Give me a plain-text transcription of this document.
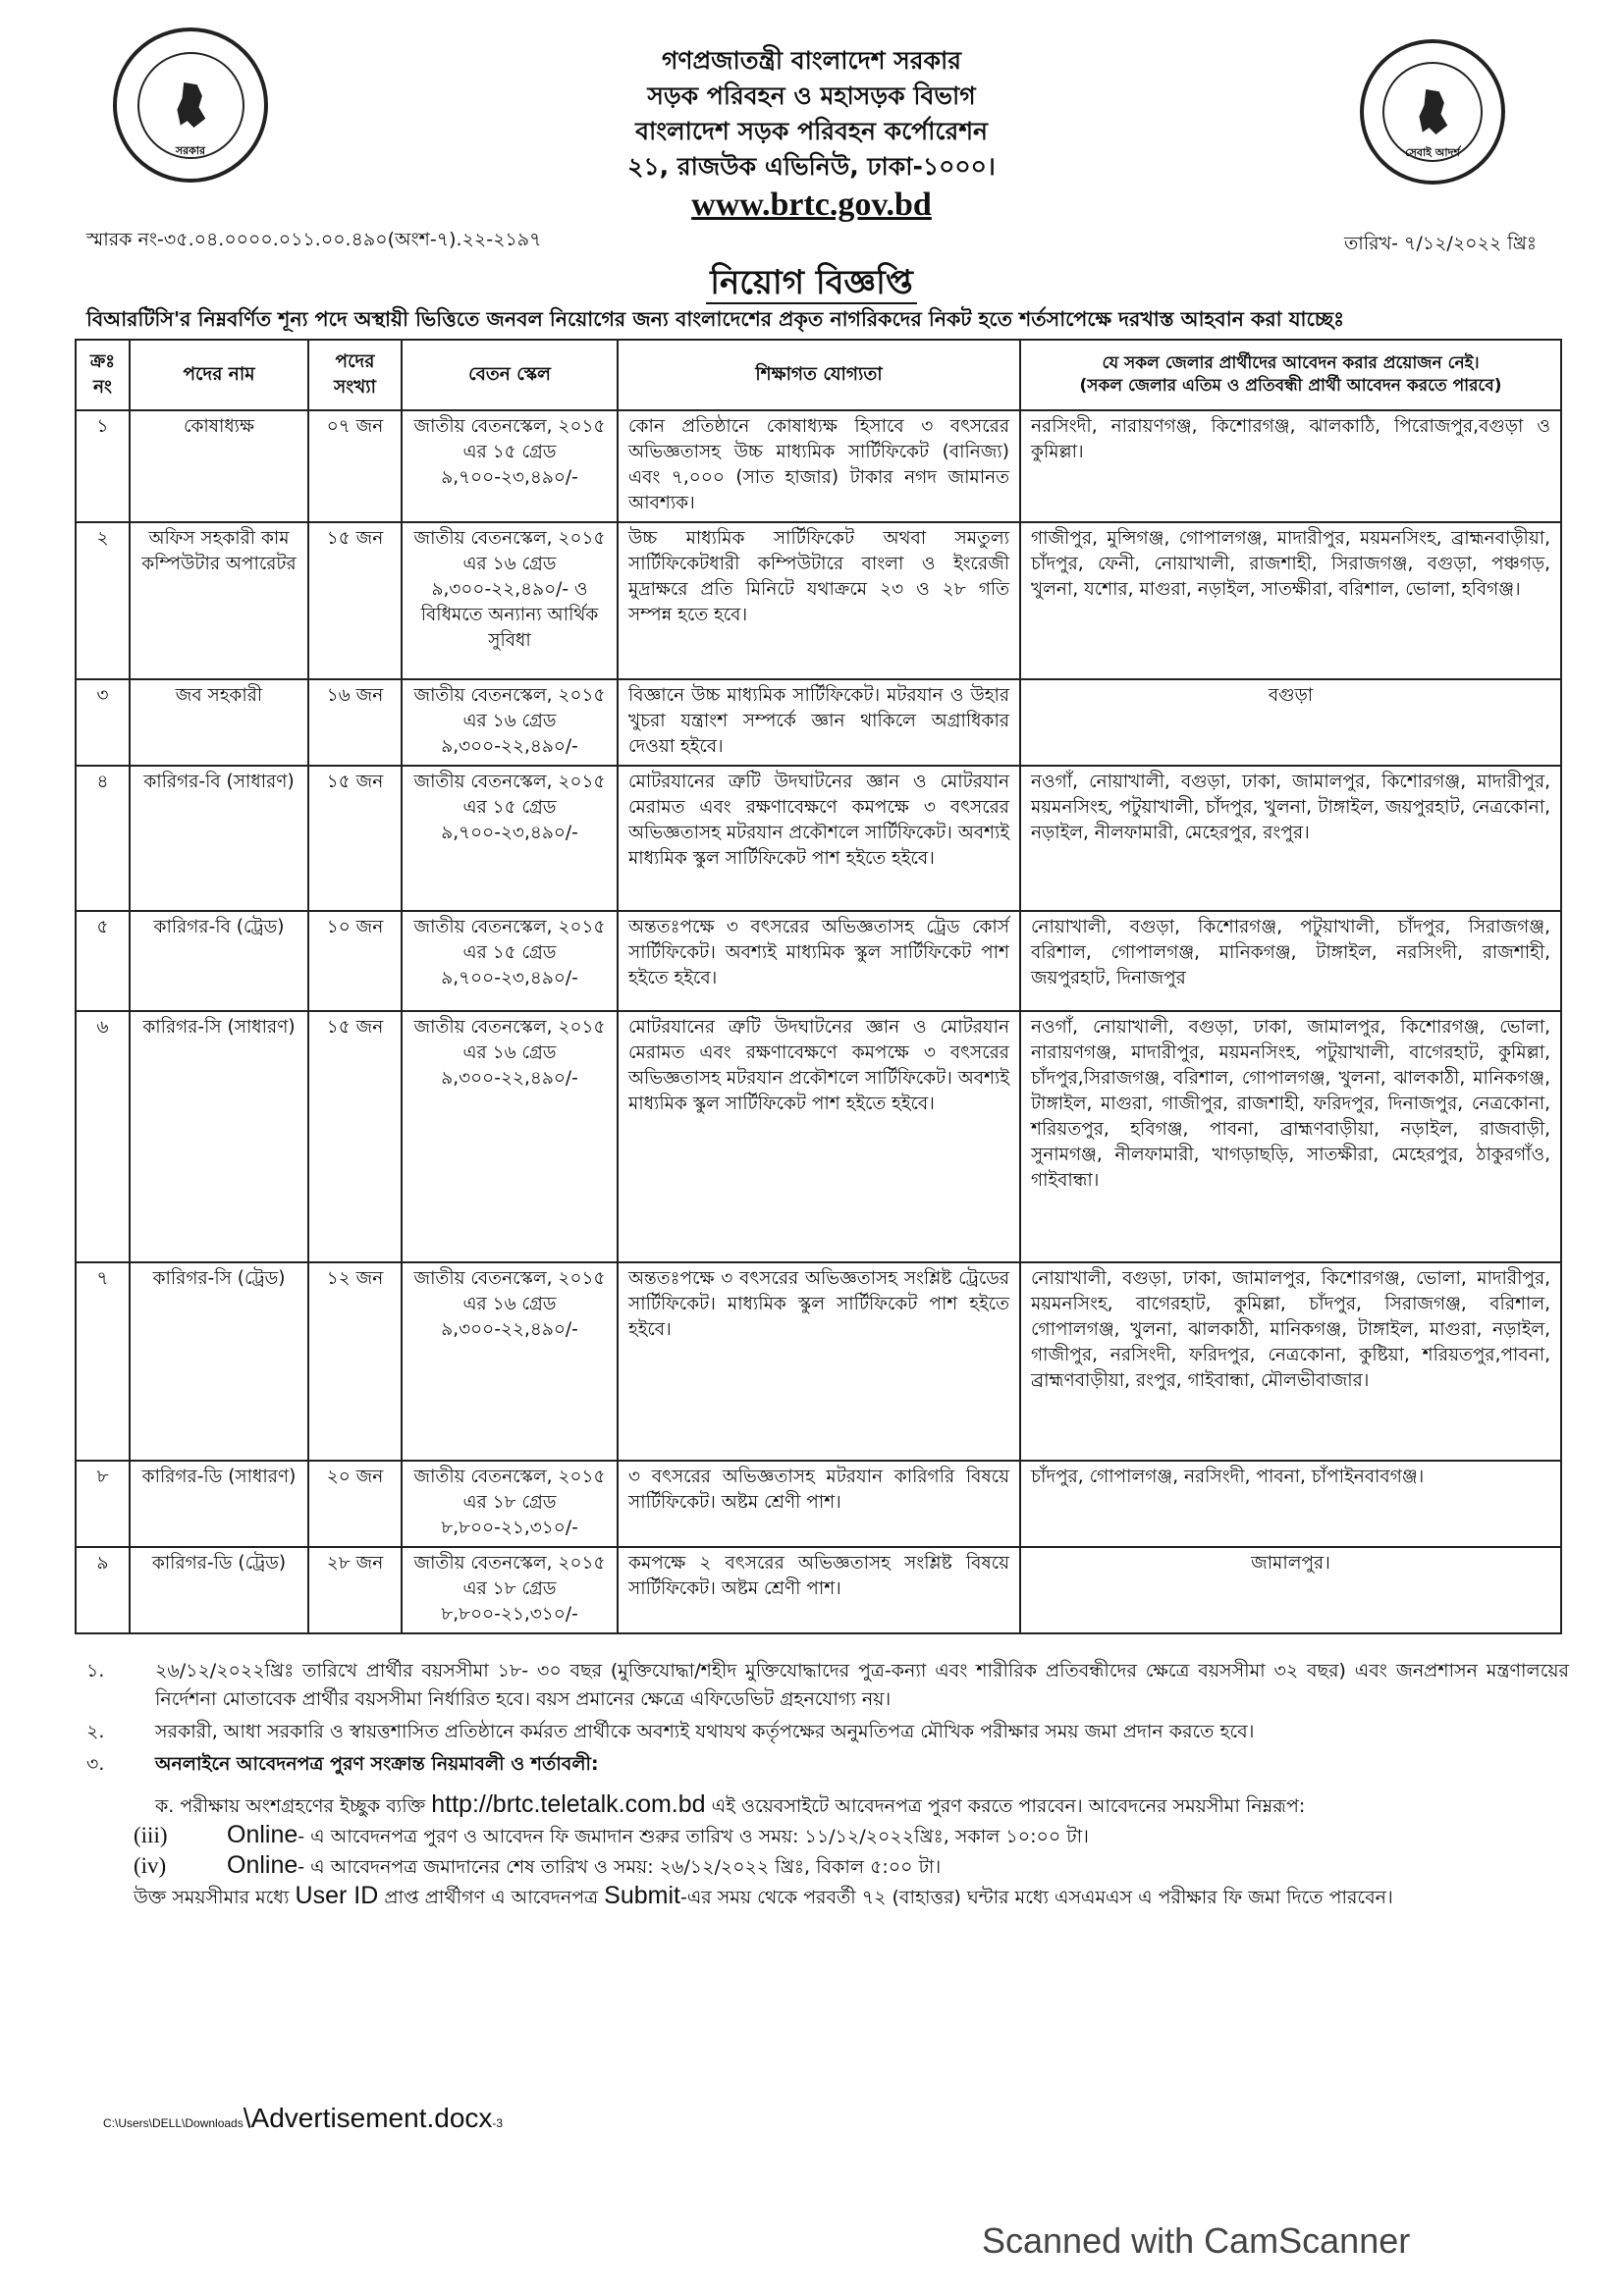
সরকার	সেবাই আদর্শ
গণপ্রজাতন্ত্রী বাংলাদেশ সরকার
সড়ক পরিবহন ও মহাসড়ক বিভাগ
বাংলাদেশ সড়ক পরিবহন কর্পোরেশন
২১, রাজউক এভিনিউ, ঢাকা-১০০০।
www.brtc.gov.bd
স্মারক নং-৩৫.০৪.০০০০.০১১.০০.৪৯০(অংশ-৭).২২-২১৯৭	তারিখ- ৭/১২/২০২২ খ্রিঃ
নিয়োগ বিজ্ঞপ্তি
বিআরটিসি'র নিম্নবর্ণিত শূন্য পদে অস্থায়ী ভিত্তিতে জনবল নিয়োগের জন্য বাংলাদেশের প্রকৃত নাগরিকদের নিকট হতে শর্তসাপেক্ষে দরখাস্ত আহবান করা যাচ্ছেঃ
ক্রঃ নং	পদের নাম	পদের সংখ্যা	বেতন স্কেল	শিক্ষাগত যোগ্যতা	যে সকল জেলার প্রার্থীদের আবেদন করার প্রয়োজন নেই।
(সকল জেলার এতিম ও প্রতিবন্ধী প্রার্থী আবেদন করতে পারবে)

১	কোষাধ্যক্ষ	০৭ জন	জাতীয় বেতনস্কেল, ২০১৫ এর ১৫ গ্রেড ৯,৭০০-২৩,৪৯০/-	কোন প্রতিষ্ঠানে কোষাধ্যক্ষ হিসাবে ৩ বৎসরের অভিজ্ঞতাসহ উচ্চ মাধ্যমিক সার্টিফিকেট (বানিজ্য) এবং ৭,০০০ (সাত হাজার) টাকার নগদ জামানত আবশ্যক।	নরসিংদী, নারায়ণগঞ্জ, কিশোরগঞ্জ, ঝালকাঠি, পিরোজপুর,বগুড়া ও কুমিল্লা।
২	অফিস সহকারী কাম কম্পিউটার অপারেটর	১৫ জন	জাতীয় বেতনস্কেল, ২০১৫ এর ১৬ গ্রেড ৯,৩০০-২২,৪৯০/- ও বিধিমতে অন্যান্য আর্থিক সুবিধা	উচ্চ মাধ্যমিক সার্টিফিকেট অথবা সমতুল্য সার্টিফিকেটধারী কম্পিউটারে বাংলা ও ইংরেজী মুদ্রাক্ষরে প্রতি মিনিটে যথাক্রমে ২৩ ও ২৮ গতি সম্পন্ন হতে হবে।	গাজীপুর, মুন্সিগঞ্জ, গোপালগঞ্জ, মাদারীপুর, ময়মনসিংহ, ব্রাহ্মনবাড়ীয়া, চাঁদপুর, ফেনী, নোয়াখালী, রাজশাহী, সিরাজগঞ্জ, বগুড়া, পঞ্চগড়, খুলনা, যশোর, মাগুরা, নড়াইল, সাতক্ষীরা, বরিশাল, ভোলা, হবিগঞ্জ।
৩	জব সহকারী	১৬ জন	জাতীয় বেতনস্কেল, ২০১৫ এর ১৬ গ্রেড ৯,৩০০-২২,৪৯০/-	বিজ্ঞানে উচ্চ মাধ্যমিক সার্টিফিকেট। মটরযান ও উহার খুচরা যন্ত্রাংশ সম্পর্কে জ্ঞান থাকিলে অগ্রাধিকার দেওয়া হইবে।	বগুড়া
৪	কারিগর-বি (সাধারণ)	১৫ জন	জাতীয় বেতনস্কেল, ২০১৫ এর ১৫ গ্রেড ৯,৭০০-২৩,৪৯০/-	মোটরযানের ত্রুটি উদঘাটনের জ্ঞান ও মোটরযান মেরামত এবং রক্ষণাবেক্ষণে কমপক্ষে ৩ বৎসরের অভিজ্ঞতাসহ মটরযান প্রকৌশলে সার্টিফিকেট। অবশ্যই মাধ্যমিক স্কুল সার্টিফিকেট পাশ হইতে হইবে।	নওগাঁ, নোয়াখালী, বগুড়া, ঢাকা, জামালপুর, কিশোরগঞ্জ, মাদারীপুর, ময়মনসিংহ, পটুয়াখালী, চাঁদপুর, খুলনা, টাঙ্গাইল, জয়পুরহাট, নেত্রকোনা, নড়াইল, নীলফামারী, মেহেরপুর, রংপুর।
৫	কারিগর-বি (ট্রেড)	১০ জন	জাতীয় বেতনস্কেল, ২০১৫ এর ১৫ গ্রেড ৯,৭০০-২৩,৪৯০/-	অন্ততঃপক্ষে ৩ বৎসরের অভিজ্ঞতাসহ ট্রেড কোর্স সার্টিফিকেট। অবশ্যই মাধ্যমিক স্কুল সার্টিফিকেট পাশ হইতে হইবে।	নোয়াখালী, বগুড়া, কিশোরগঞ্জ, পটুয়াখালী, চাঁদপুর, সিরাজগঞ্জ, বরিশাল, গোপালগঞ্জ, মানিকগঞ্জ, টাঙ্গাইল, নরসিংদী, রাজশাহী, জয়পুরহাট, দিনাজপুর
৬	কারিগর-সি (সাধারণ)	১৫ জন	জাতীয় বেতনস্কেল, ২০১৫ এর ১৬ গ্রেড ৯,৩০০-২২,৪৯০/-	মোটরযানের ত্রুটি উদঘাটনের জ্ঞান ও মোটরযান মেরামত এবং রক্ষণাবেক্ষণে কমপক্ষে ৩ বৎসরের অভিজ্ঞতাসহ মটরযান প্রকৌশলে সার্টিফিকেট। অবশ্যই মাধ্যমিক স্কুল সার্টিফিকেট পাশ হইতে হইবে।	নওগাঁ, নোয়াখালী, বগুড়া, ঢাকা, জামালপুর, কিশোরগঞ্জ, ভোলা, নারায়ণগঞ্জ, মাদারীপুর, ময়মনসিংহ, পটুয়াখালী, বাগেরহাট, কুমিল্লা, চাঁদপুর,সিরাজগঞ্জ, বরিশাল, গোপালগঞ্জ, খুলনা, ঝালকাঠী, মানিকগঞ্জ, টাঙ্গাইল, মাগুরা, গাজীপুর, রাজশাহী, ফরিদপুর, দিনাজপুর, নেত্রকোনা, শরিয়তপুর, হবিগঞ্জ, পাবনা, ব্রাহ্মণবাড়ীয়া, নড়াইল, রাজবাড়ী, সুনামগঞ্জ, নীলফামারী, খাগড়াছড়ি, সাতক্ষীরা, মেহেরপুর, ঠাকুরগাঁও, গাইবান্ধা।
৭	কারিগর-সি (ট্রেড)	১২ জন	জাতীয় বেতনস্কেল, ২০১৫ এর ১৬ গ্রেড ৯,৩০০-২২,৪৯০/-	অন্ততঃপক্ষে ৩ বৎসরের অভিজ্ঞতাসহ সংশ্লিষ্ট ট্রেডের সার্টিফিকেট। মাধ্যমিক স্কুল সার্টিফিকেট পাশ হইতে হইবে।	নোয়াখালী, বগুড়া, ঢাকা, জামালপুর, কিশোরগঞ্জ, ভোলা, মাদারীপুর, ময়মনসিংহ, বাগেরহাট, কুমিল্লা, চাঁদপুর, সিরাজগঞ্জ, বরিশাল, গোপালগঞ্জ, খুলনা, ঝালকাঠী, মানিকগঞ্জ, টাঙ্গাইল, মাগুরা, নড়াইল, গাজীপুর, নরসিংদী, ফরিদপুর, নেত্রকোনা, কুষ্টিয়া, শরিয়তপুর,পাবনা, ব্রাহ্মণবাড়ীয়া, রংপুর, গাইবান্ধা, মৌলভীবাজার।
৮	কারিগর-ডি (সাধারণ)	২০ জন	জাতীয় বেতনস্কেল, ২০১৫ এর ১৮ গ্রেড ৮,৮০০-২১,৩১০/-	৩ বৎসরের অভিজ্ঞতাসহ মটরযান কারিগরি বিষয়ে সার্টিফিকেট। অষ্টম শ্রেণী পাশ।	চাঁদপুর, গোপালগঞ্জ, নরসিংদী, পাবনা, চাঁপাইনবাবগঞ্জ।
৯	কারিগর-ডি (ট্রেড)	২৮ জন	জাতীয় বেতনস্কেল, ২০১৫ এর ১৮ গ্রেড ৮,৮০০-২১,৩১০/-	কমপক্ষে ২ বৎসরের অভিজ্ঞতাসহ সংশ্লিষ্ট বিষয়ে সার্টিফিকেট। অষ্টম শ্রেণী পাশ।	জামালপুর।
১.	২৬/১২/২০২২খ্রিঃ তারিখে প্রার্থীর বয়সসীমা ১৮- ৩০ বছর (মুক্তিযোদ্ধা/শহীদ মুক্তিযোদ্ধাদের পুত্র-কন্যা এবং শারীরিক প্রতিবন্ধীদের ক্ষেত্রে বয়সসীমা ৩২ বছর) এবং জনপ্রশাসন মন্ত্রণালয়ের নির্দেশনা মোতাবেক প্রার্থীর বয়সসীমা নির্ধারিত হবে। বয়স প্রমানের ক্ষেত্রে এফিডেভিট গ্রহনযোগ্য নয়।
২.	সরকারী, আধা সরকারি ও স্বায়ত্তশাসিত প্রতিষ্ঠানে কর্মরত প্রার্থীকে অবশ্যই যথাযথ কর্তৃপক্ষের অনুমতিপত্র মৌখিক পরীক্ষার সময় জমা প্রদান করতে হবে।
৩.	অনলাইনে আবেদনপত্র পুরণ সংক্রান্ত নিয়মাবলী ও শর্তাবলী:
ক. পরীক্ষায় অংশগ্রহণের ইচ্ছুক ব্যক্তি http://brtc.teletalk.com.bd এই ওয়েবসাইটে আবেদনপত্র পুরণ করতে পারবেন। আবেদনের সময়সীমা নিম্নরূপ:
(iii) Online- এ আবেদনপত্র পুরণ ও আবেদন ফি জমাদান শুরুর তারিখ ও সময়: ১১/১২/২০২২খ্রিঃ, সকাল ১০:০০ টা।
(iv) Online- এ আবেদনপত্র জমাদানের শেষ তারিখ ও সময়: ২৬/১২/২০২২ খ্রিঃ, বিকাল ৫:০০ টা।
উক্ত সময়সীমার মধ্যে User ID প্রাপ্ত প্রার্থীগণ এ আবেদনপত্র Submit-এর সময় থেকে পরবর্তী ৭২ (বাহাত্তর) ঘন্টার মধ্যে এসএমএস এ পরীক্ষার ফি জমা দিতে পারবেন।
C:\Users\DELL\Downloads\Advertisement.docx-3
Scanned with CamScanner
